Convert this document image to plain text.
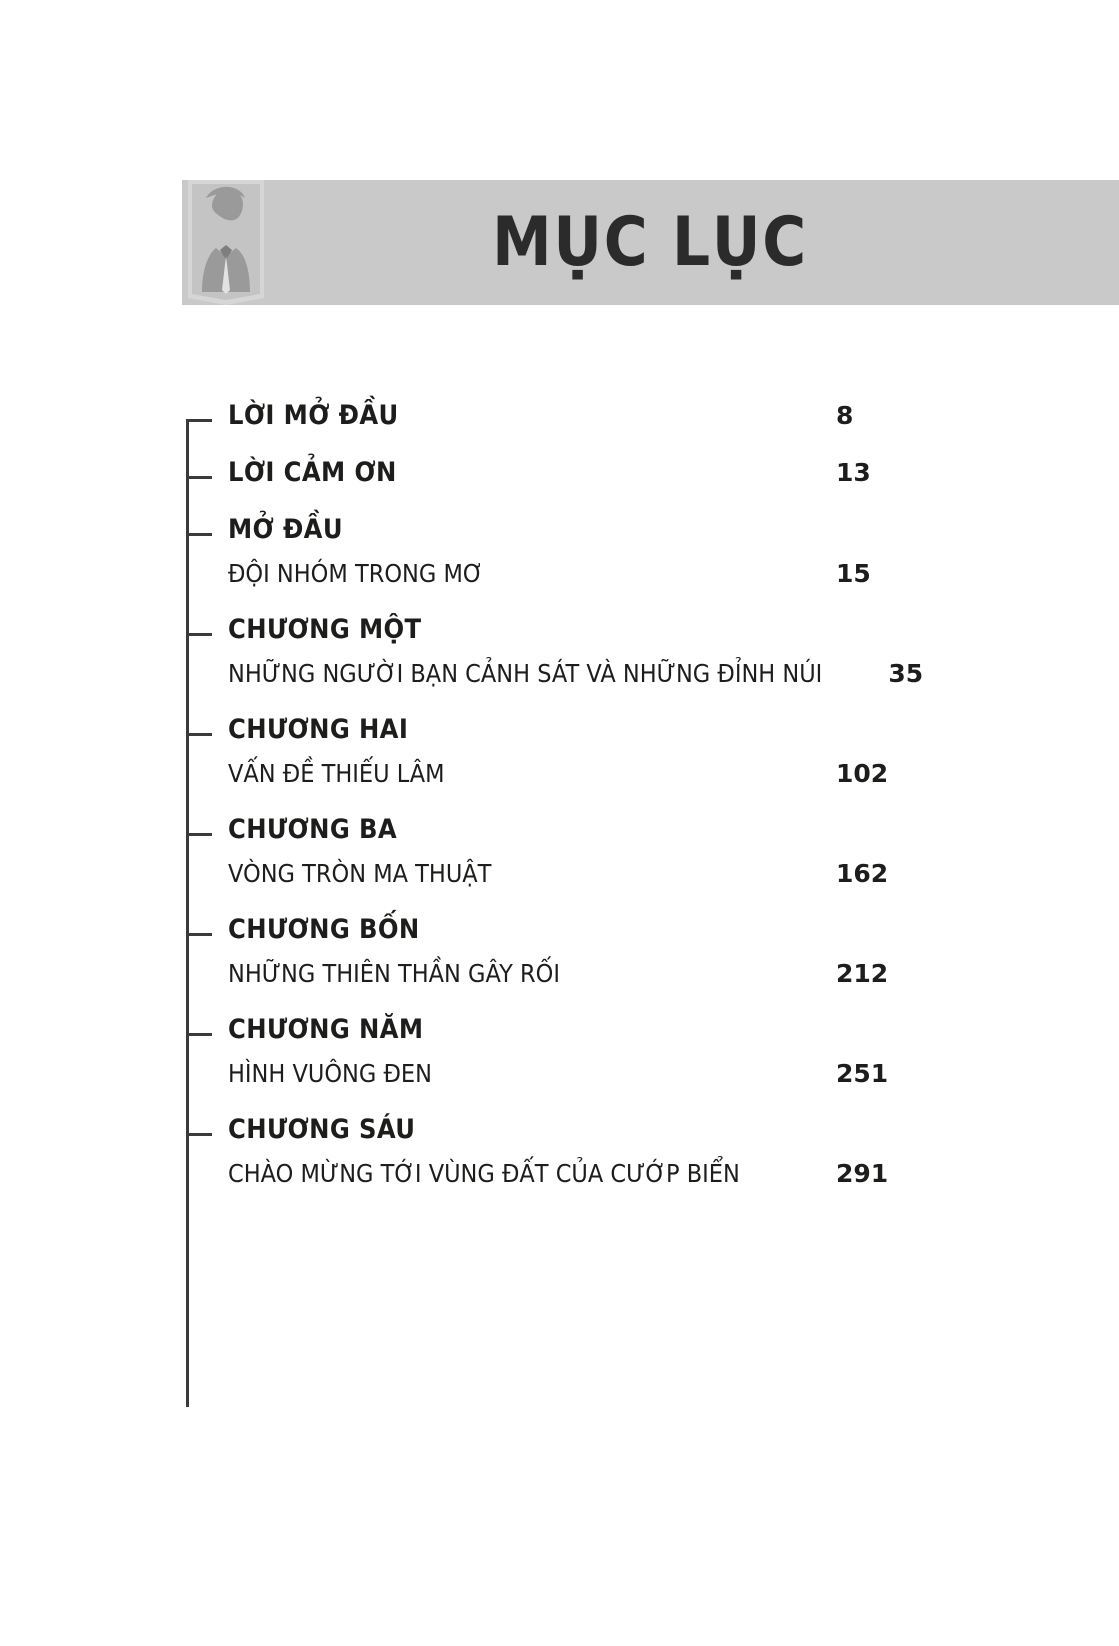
MỤC LỤC
LỜI MỞ ĐẦU	8
LỜI CẢM ƠN	13
MỞ ĐẦU
ĐỘI NHÓM TRONG MƠ	15
CHƯƠNG MỘT
NHỮNG NGƯỜI BẠN CẢNH SÁT VÀ NHỮNG ĐỈNH NÚI	35
CHƯƠNG HAI
VẤN ĐỀ THIẾU LÂM	102
CHƯƠNG BA
VÒNG TRÒN MA THUẬT	162
CHƯƠNG BỐN
NHỮNG THIÊN THẦN GÂY RỐI	212
CHƯƠNG NĂM
HÌNH VUÔNG ĐEN	251
CHƯƠNG SÁU
CHÀO MỪNG TỚI VÙNG ĐẤT CỦA CƯỚP BIỂN	291
